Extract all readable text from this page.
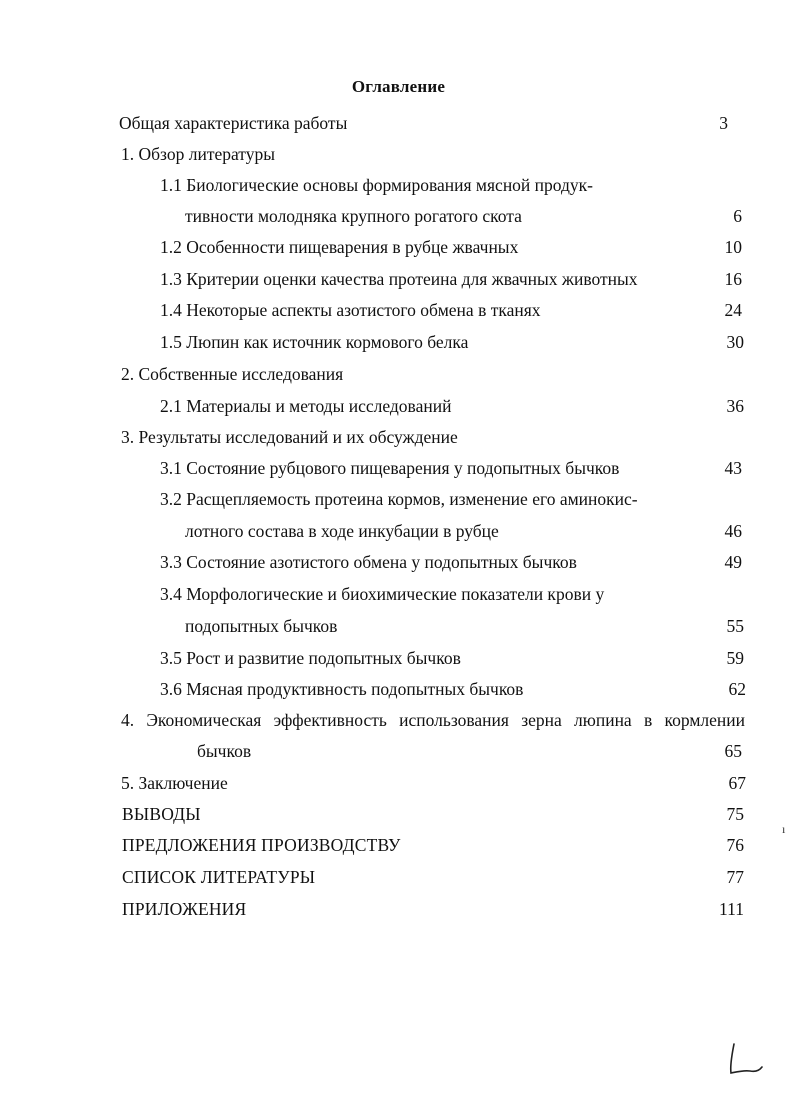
Оглавление
Общая характеристика работы	3
1. Обзор литературы
1.1 Биологические основы формирования мясной продук-
тивности молодняка крупного рогатого скота	6
1.2 Особенности пищеварения в рубце жвачных	10
1.3 Критерии оценки качества протеина для жвачных животных	16
1.4 Некоторые аспекты азотистого обмена в тканях	24
1.5 Люпин как источник кормового белка	30
2. Собственные исследования
2.1 Материалы и методы исследований	36
3. Результаты исследований и их обсуждение
3.1 Состояние рубцового пищеварения у подопытных бычков	43
3.2 Расщепляемость протеина кормов, изменение его аминокис-
лотного состава в ходе инкубации в рубце	46
3.3 Состояние азотистого обмена у подопытных бычков	49
3.4 Морфологические и биохимические показатели крови у
подопытных бычков	55
3.5 Рост и развитие подопытных бычков	59
3.6 Мясная продуктивность подопытных бычков	62
4. Экономическая эффективность использования зерна люпина в кормлении
бычков	65
5. Заключение	67
ВЫВОДЫ	75
ПРЕДЛОЖЕНИЯ ПРОИЗВОДСТВУ	76
СПИСОК ЛИТЕРАТУРЫ	77
ПРИЛОЖЕНИЯ	111
ı
